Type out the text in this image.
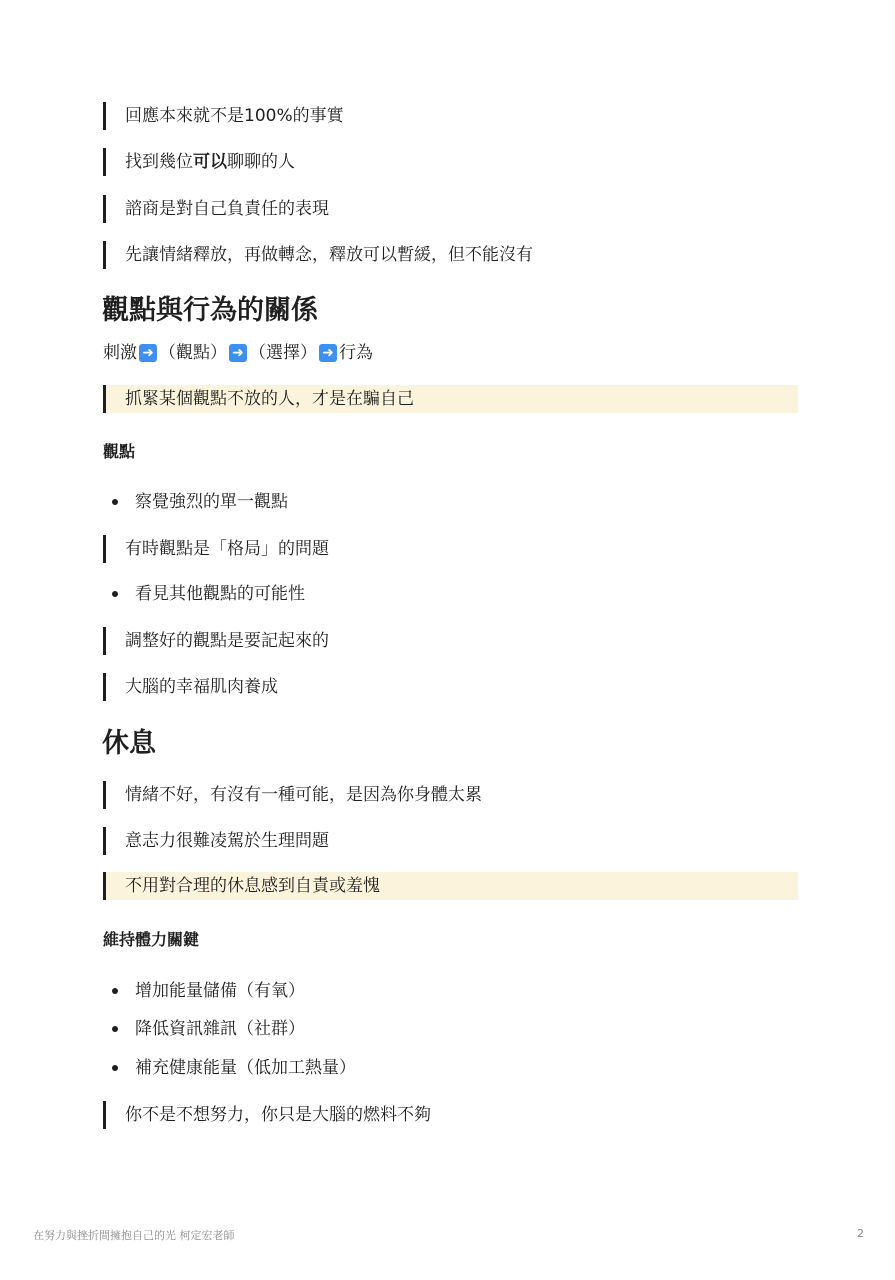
回應本來就不是100%的事實
找到幾位可以聊聊的人
諮商是對自己負責任的表現
先讓情緒釋放，再做轉念，釋放可以暫緩，但不能沒有
觀點與行為的關係
刺激 ➜ （觀點） ➜ （選擇） ➜ 行為
抓緊某個觀點不放的人，才是在騙自己
觀點
察覺強烈的單一觀點
有時觀點是「格局」的問題
看見其他觀點的可能性
調整好的觀點是要記起來的
大腦的幸福肌肉養成
休息
情緒不好，有沒有一種可能，是因為你身體太累
意志力很難凌駕於生理問題
不用對合理的休息感到自責或羞愧
維持體力關鍵
增加能量儲備（有氧）
降低資訊雜訊（社群）
補充健康能量（低加工熱量）
你不是不想努力，你只是大腦的燃料不夠
在努力與挫折間擁抱自己的光 柯定宏老師	2
